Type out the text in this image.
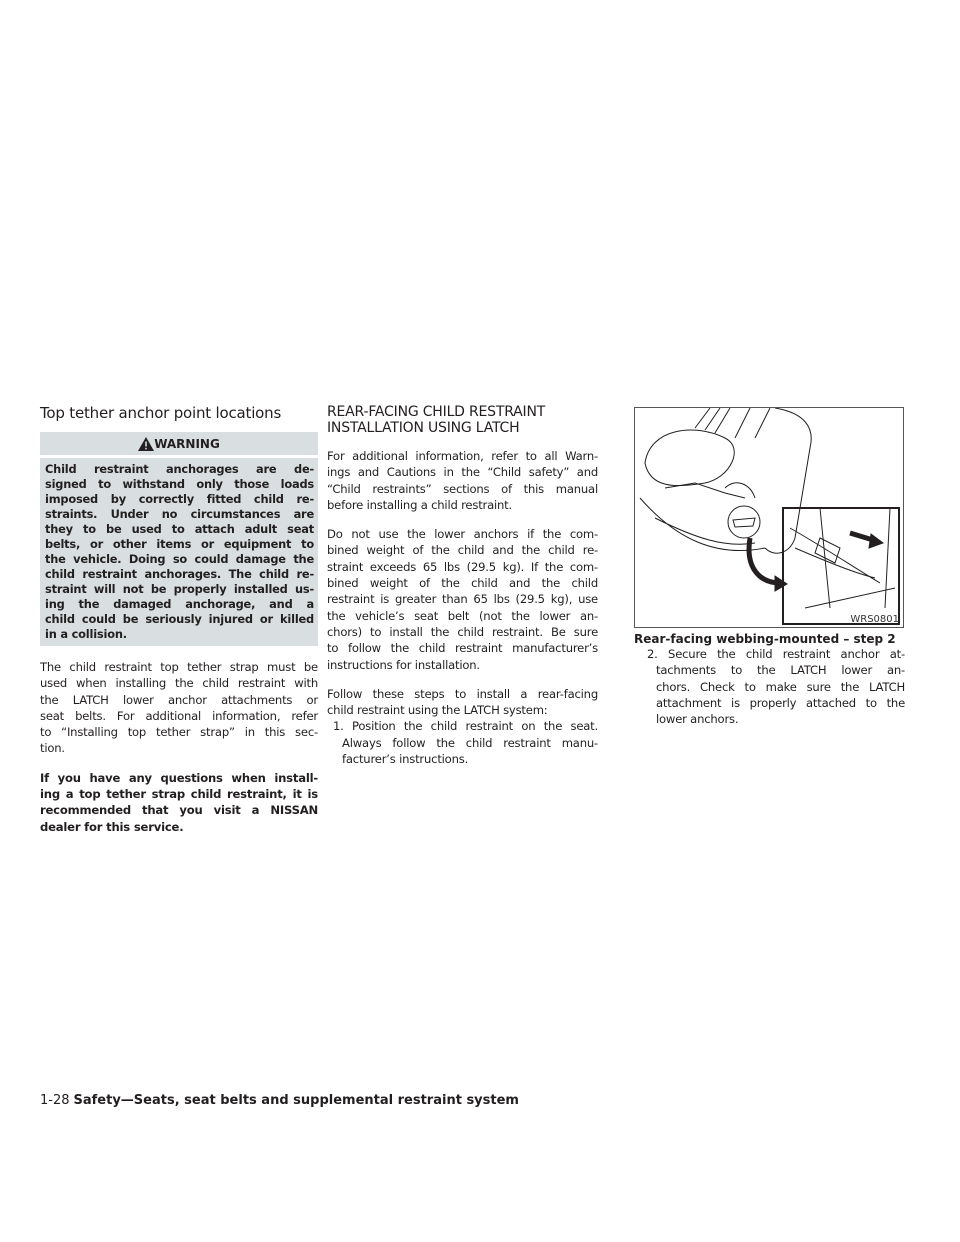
Top tether anchor point locations
WARNING
Child restraint anchorages are de-
signed to withstand only those loads
imposed by correctly fitted child re-
straints. Under no circumstances are
they to be used to attach adult seat
belts, or other items or equipment to
the vehicle. Doing so could damage the
child restraint anchorages. The child re-
straint will not be properly installed us-
ing the damaged anchorage, and a
child could be seriously injured or killed
in a collision.
The child restraint top tether strap must be
used when installing the child restraint with
the LATCH lower anchor attachments or
seat belts. For additional information, refer
to “Installing top tether strap” in this sec-
tion.
If you have any questions when install-
ing a top tether strap child restraint, it is
recommended that you visit a NISSAN
dealer for this service.
REAR-FACING CHILD RESTRAINT
INSTALLATION USING LATCH
For additional information, refer to all Warn-
ings and Cautions in the “Child safety” and
“Child restraints” sections of this manual
before installing a child restraint.
Do not use the lower anchors if the com-
bined weight of the child and the child re-
straint exceeds 65 lbs (29.5 kg). If the com-
bined weight of the child and the child
restraint is greater than 65 lbs (29.5 kg), use
the vehicle’s seat belt (not the lower an-
chors) to install the child restraint. Be sure
to follow the child restraint manufacturer’s
instructions for installation.
Follow these steps to install a rear-facing
child restraint using the LATCH system:
1. Position the child restraint on the seat.
Always follow the child restraint manu-
facturer’s instructions.
WRS0801
Rear-facing webbing-mounted – step 2
2. Secure the child restraint anchor at-
tachments to the LATCH lower an-
chors. Check to make sure the LATCH
attachment is properly attached to the
lower anchors.
1-28 Safety—Seats, seat belts and supplemental restraint system
